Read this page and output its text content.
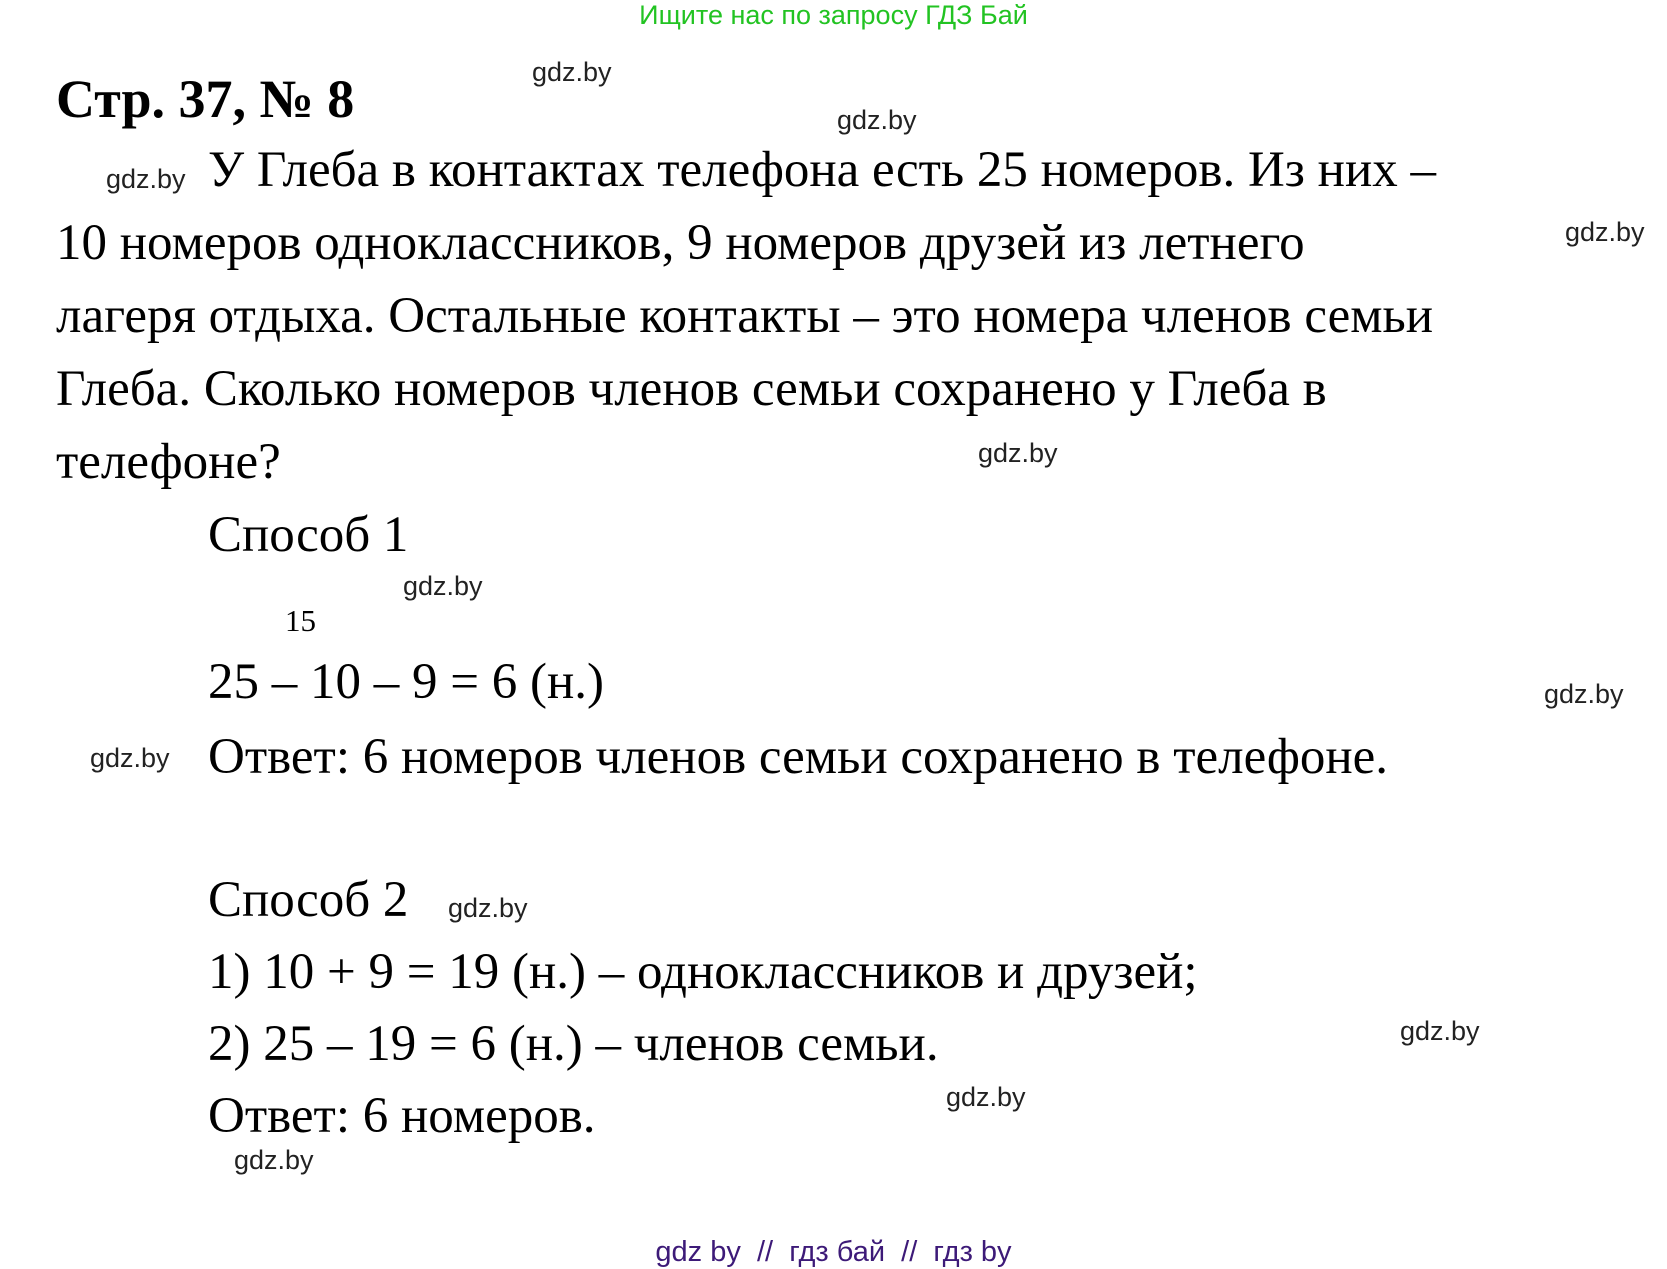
Ищите нас по запросу ГДЗ Бай
Стр. 37, № 8
У Глеба в контактах телефона есть 25 номеров. Из них –
10 номеров одноклассников, 9 номеров друзей из летнего
лагеря отдыха. Остальные контакты – это номера членов семьи
Глеба. Сколько номеров членов семьи сохранено у Глеба в
телефоне?
Способ 1
15
25 – 10 – 9 = 6 (н.)
Ответ: 6 номеров членов семьи сохранено в телефоне.
Способ 2
1) 10 + 9 = 19 (н.) – одноклассников и друзей;
2) 25 – 19 = 6 (н.) – членов семьи.
Ответ: 6 номеров.
gdz.by
gdz.by
gdz.by
gdz.by
gdz.by
gdz.by
gdz.by
gdz.by
gdz.by
gdz.by
gdz.by
gdz.by
gdz by  //  гдз бай  //  гдз by
